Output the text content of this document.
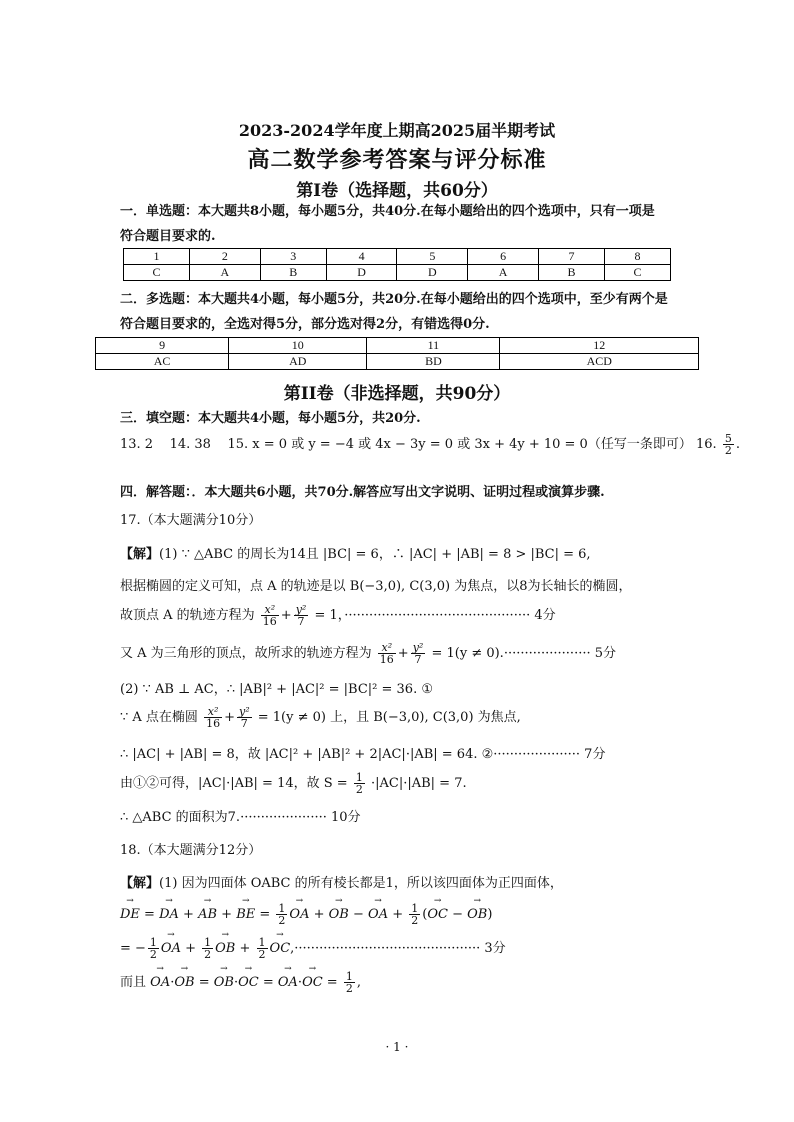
2023-2024学年度上期高2025届半期考试
高二数学参考答案与评分标准
第I卷（选择题，共60分）
一．单选题：本大题共8小题，每小题5分，共40分.在每小题给出的四个选项中，只有一项是
符合题目要求的.
1	2	3	4	5	6	7	8
C	A	B	D	D	A	B	C
二．多选题：本大题共4小题，每小题5分，共20分.在每小题给出的四个选项中，至少有两个是
符合题目要求的，全选对得5分，部分选对得2分，有错选得0分.
9	10	11	12
AC	AD	BD	ACD
第II卷（非选择题，共90分）
三．填空题：本大题共4小题，每小题5分，共20分.
13. 2 14. 38 15. x = 0 或 y = −4 或 4x − 3y = 0 或 3x + 4y + 10 = 0（任写一条即可） 16. $\frac{5}{2}$ .
四．解答题：．本大题共6小题，共70分.解答应写出文字说明、证明过程或演算步骤.
17.（本大题满分10分）
【解】(1) ∵ △ABC 的周长为14且 |BC| = 6，∴ |AC| + |AB| = 8 > |BC| = 6,
根据椭圆的定义可知，点 A 的轨迹是以 B(−3,0), C(3,0) 为焦点，以8为长轴长的椭圆，
故顶点 A 的轨迹方程为 $\frac{\text{x²}}{16} + \frac{\text{y²}}{7} = 1$，············································· 4分
又 A 为三角形的顶点，故所求的轨迹方程为 $\frac{\text{x²}}{16} + \frac{\text{y²}}{7} = 1(y \ne 0).\cdot\cdot\cdot\cdot\cdot\cdot\cdot\cdot\cdot\cdot\cdot\cdot\cdot\cdot\cdot\cdot\cdot\cdot\cdot\cdot\cdot 5$分
(2) ∵ AB ⊥ AC，∴ |AB|² + |AC|² = |BC|² = 36. ①
∵ A 点在椭圆 $\frac{\text{x²}}{16} + \frac{\text{y²}}{7} = 1(y \ne 0)$ 上，且 B(−3,0), C(3,0) 为焦点,
∴ |AC| + |AB| = 8，故 |AC|² + |AB|² + 2|AC|·|AB| = 64. ②····················· 7分
由①②可得，|AC|·|AB| = 14，故 $S = \frac{1}{2} \cdot|AC|\cdot|AB| = 7$.
∴ △ABC 的面积为7.····················· 10分
18.（本大题满分12分）
【解】(1) 因为四面体 OABC 的所有棱长都是1，所以该四面体为正四面体，
→ DE = → DA + → AB + → BE = $\frac{1}{2}$ → OA + → OB − → OA + $\frac{1}{2}$ (→ OC − → OB)
= − $\frac{1}{2}$ → OA + $\frac{1}{2}$ → OB + $\frac{1}{2} \to OC,\cdot\cdot\cdot\cdot\cdot\cdot\cdot\cdot\cdot\cdot\cdot\cdot\cdot\cdot\cdot\cdot\cdot\cdot\cdot\cdot\cdot\cdot\cdot\cdot\cdot\cdot\cdot\cdot\cdot\cdot\cdot\cdot\cdot\cdot\cdot\cdot\cdot\cdot\cdot\cdot\cdot\cdot\cdot\cdot\cdot 3$分
而且 → OA·→ OB = → OB·→ OC = → OA·→ OC = $\frac{1}{2}$ ,
· 1 ·
